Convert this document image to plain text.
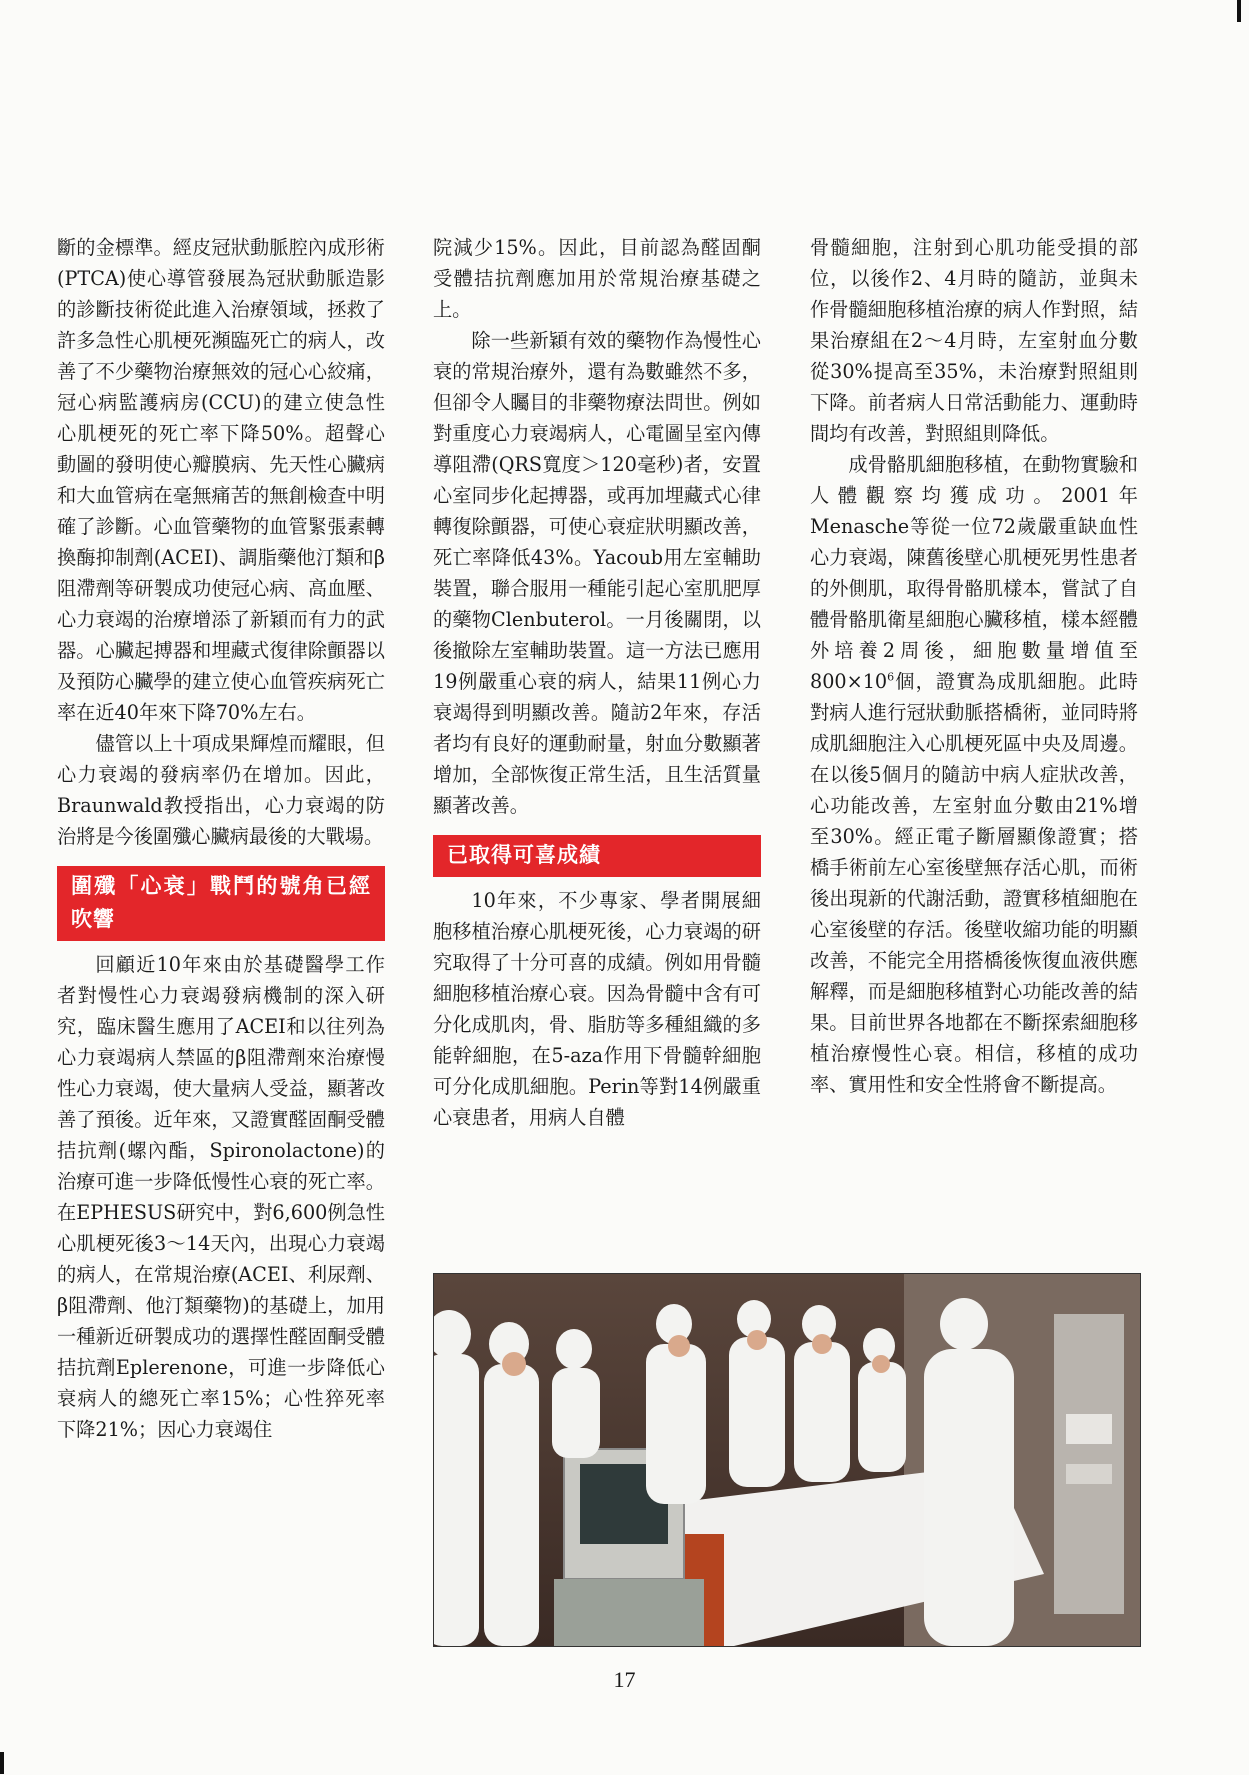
斷的金標準。經皮冠狀動脈腔內成形術(PTCA)使心導管發展為冠狀動脈造影的診斷技術從此進入治療領域，拯救了許多急性心肌梗死瀕臨死亡的病人，改善了不少藥物治療無效的冠心心絞痛，冠心病監護病房(CCU)的建立使急性心肌梗死的死亡率下降50%。超聲心動圖的發明使心瓣膜病、先天性心臟病和大血管病在毫無痛苦的無創檢查中明確了診斷。心血管藥物的血管緊張素轉換酶抑制劑(ACEI)、調脂藥他汀類和β阻滯劑等研製成功使冠心病、高血壓、心力衰竭的治療增添了新穎而有力的武器。心臟起搏器和埋藏式復律除顫器以及預防心臟學的建立使心血管疾病死亡率在近40年來下降70%左右。

儘管以上十項成果輝煌而耀眼，但心力衰竭的發病率仍在增加。因此，Braunwald教授指出，心力衰竭的防治將是今後圍殲心臟病最後的大戰場。

圍殲「心衰」戰鬥的號角已經吹響

回顧近10年來由於基礎醫學工作者對慢性心力衰竭發病機制的深入研究，臨床醫生應用了ACEI和以往列為心力衰竭病人禁區的β阻滯劑來治療慢性心力衰竭，使大量病人受益，顯著改善了預後。近年來，又證實醛固酮受體拮抗劑(螺內酯，Spironolactone)的治療可進一步降低慢性心衰的死亡率。在EPHESUS研究中，對6,600例急性心肌梗死後3～14天內，出現心力衰竭的病人，在常規治療(ACEI、利尿劑、β阻滯劑、他汀類藥物)的基礎上，加用一種新近研製成功的選擇性醛固酮受體拮抗劑Eplerenone，可進一步降低心衰病人的總死亡率15%；心性猝死率下降21%；因心力衰竭住

院減少15%。因此，目前認為醛固酮受體拮抗劑應加用於常規治療基礎之上。

除一些新穎有效的藥物作為慢性心衰的常規治療外，還有為數雖然不多，但卻令人矚目的非藥物療法問世。例如對重度心力衰竭病人，心電圖呈室內傳導阻滯(QRS寬度＞120毫秒)者，安置心室同步化起搏器，或再加埋藏式心律轉復除顫器，可使心衰症狀明顯改善，死亡率降低43%。Yacoub用左室輔助裝置，聯合服用一種能引起心室肌肥厚的藥物Clenbuterol。一月後關閉，以後撤除左室輔助裝置。這一方法已應用19例嚴重心衰的病人，結果11例心力衰竭得到明顯改善。隨訪2年來，存活者均有良好的運動耐量，射血分數顯著增加，全部恢復正常生活，且生活質量顯著改善。

已取得可喜成績

10年來，不少專家、學者開展細胞移植治療心肌梗死後，心力衰竭的研究取得了十分可喜的成績。例如用骨髓細胞移植治療心衰。因為骨髓中含有可分化成肌肉，骨、脂肪等多種組織的多能幹細胞，在5-aza作用下骨髓幹細胞可分化成肌細胞。Perin等對14例嚴重心衰患者，用病人自體

骨髓細胞，注射到心肌功能受損的部位，以後作2、4月時的隨訪，並與未作骨髓細胞移植治療的病人作對照，結果治療組在2～4月時，左室射血分數從30%提高至35%，未治療對照組則下降。前者病人日常活動能力、運動時間均有改善，對照組則降低。

成骨骼肌細胞移植，在動物實驗和人體觀察均獲成功。2001年Menasche等從一位72歲嚴重缺血性心力衰竭，陳舊後壁心肌梗死男性患者的外側肌，取得骨骼肌樣本，嘗試了自體骨骼肌衛星細胞心臟移植，樣本經體外培養2周後，細胞數量增值至$800\times 10^6$個，證實為成肌細胞。此時對病人進行冠狀動脈搭橋術，並同時將成肌細胞注入心肌梗死區中央及周邊。在以後5個月的隨訪中病人症狀改善，心功能改善，左室射血分數由21%增至30%。經正電子斷層顯像證實；搭橋手術前左心室後壁無存活心肌，而術後出現新的代謝活動，證實移植細胞在心室後壁的存活。後壁收縮功能的明顯改善，不能完全用搭橋後恢復血液供應解釋，而是細胞移植對心功能改善的結果。目前世界各地都在不斷探索細胞移植治療慢性心衰。相信，移植的成功率、實用性和安全性將會不斷提高。

17
